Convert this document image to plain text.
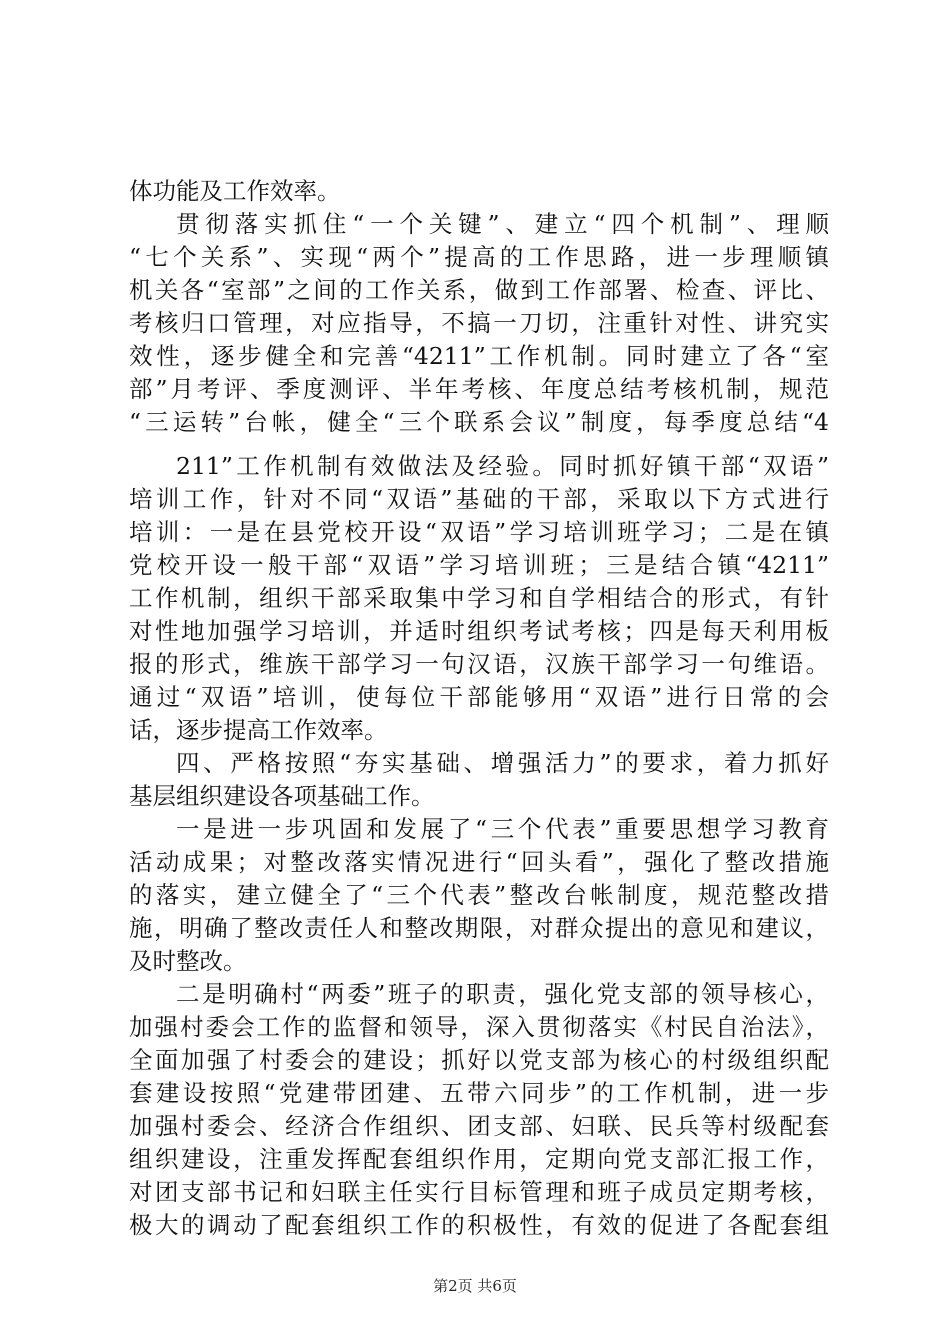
体功能及工作效率。
贯彻落实抓住“一个关键”、建立“四个机制”、理顺
“七个关系”、实现“两个”提高的工作思路，进一步理顺镇
机关各“室部”之间的工作关系，做到工作部署、检查、评比、
考核归口管理，对应指导，不搞一刀切，注重针对性、讲究实
效性，逐步健全和完善“4211”工作机制。同时建立了各“室
部”月考评、季度测评、半年考核、年度总结考核机制，规范
“三运转”台帐，健全“三个联系会议”制度，每季度总结“4
211”工作机制有效做法及经验。同时抓好镇干部“双语”
培训工作，针对不同“双语”基础的干部，采取以下方式进行
培训：一是在县党校开设“双语”学习培训班学习；二是在镇
党校开设一般干部“双语”学习培训班；三是结合镇“4211”
工作机制，组织干部采取集中学习和自学相结合的形式，有针
对性地加强学习培训，并适时组织考试考核；四是每天利用板
报的形式，维族干部学习一句汉语，汉族干部学习一句维语。
通过“双语”培训，使每位干部能够用“双语”进行日常的会
话，逐步提高工作效率。
四、严格按照“夯实基础、增强活力”的要求，着力抓好
基层组织建设各项基础工作。
一是进一步巩固和发展了“三个代表”重要思想学习教育
活动成果；对整改落实情况进行“回头看”，强化了整改措施
的落实，建立健全了“三个代表”整改台帐制度，规范整改措
施，明确了整改责任人和整改期限，对群众提出的意见和建议，
及时整改。
二是明确村“两委”班子的职责，强化党支部的领导核心，
加强村委会工作的监督和领导，深入贯彻落实《村民自治法》，
全面加强了村委会的建设；抓好以党支部为核心的村级组织配
套建设按照“党建带团建、五带六同步”的工作机制，进一步
加强村委会、经济合作组织、团支部、妇联、民兵等村级配套
组织建设，注重发挥配套组织作用，定期向党支部汇报工作，
对团支部书记和妇联主任实行目标管理和班子成员定期考核，
极大的调动了配套组织工作的积极性，有效的促进了各配套组
第2页 共6页
